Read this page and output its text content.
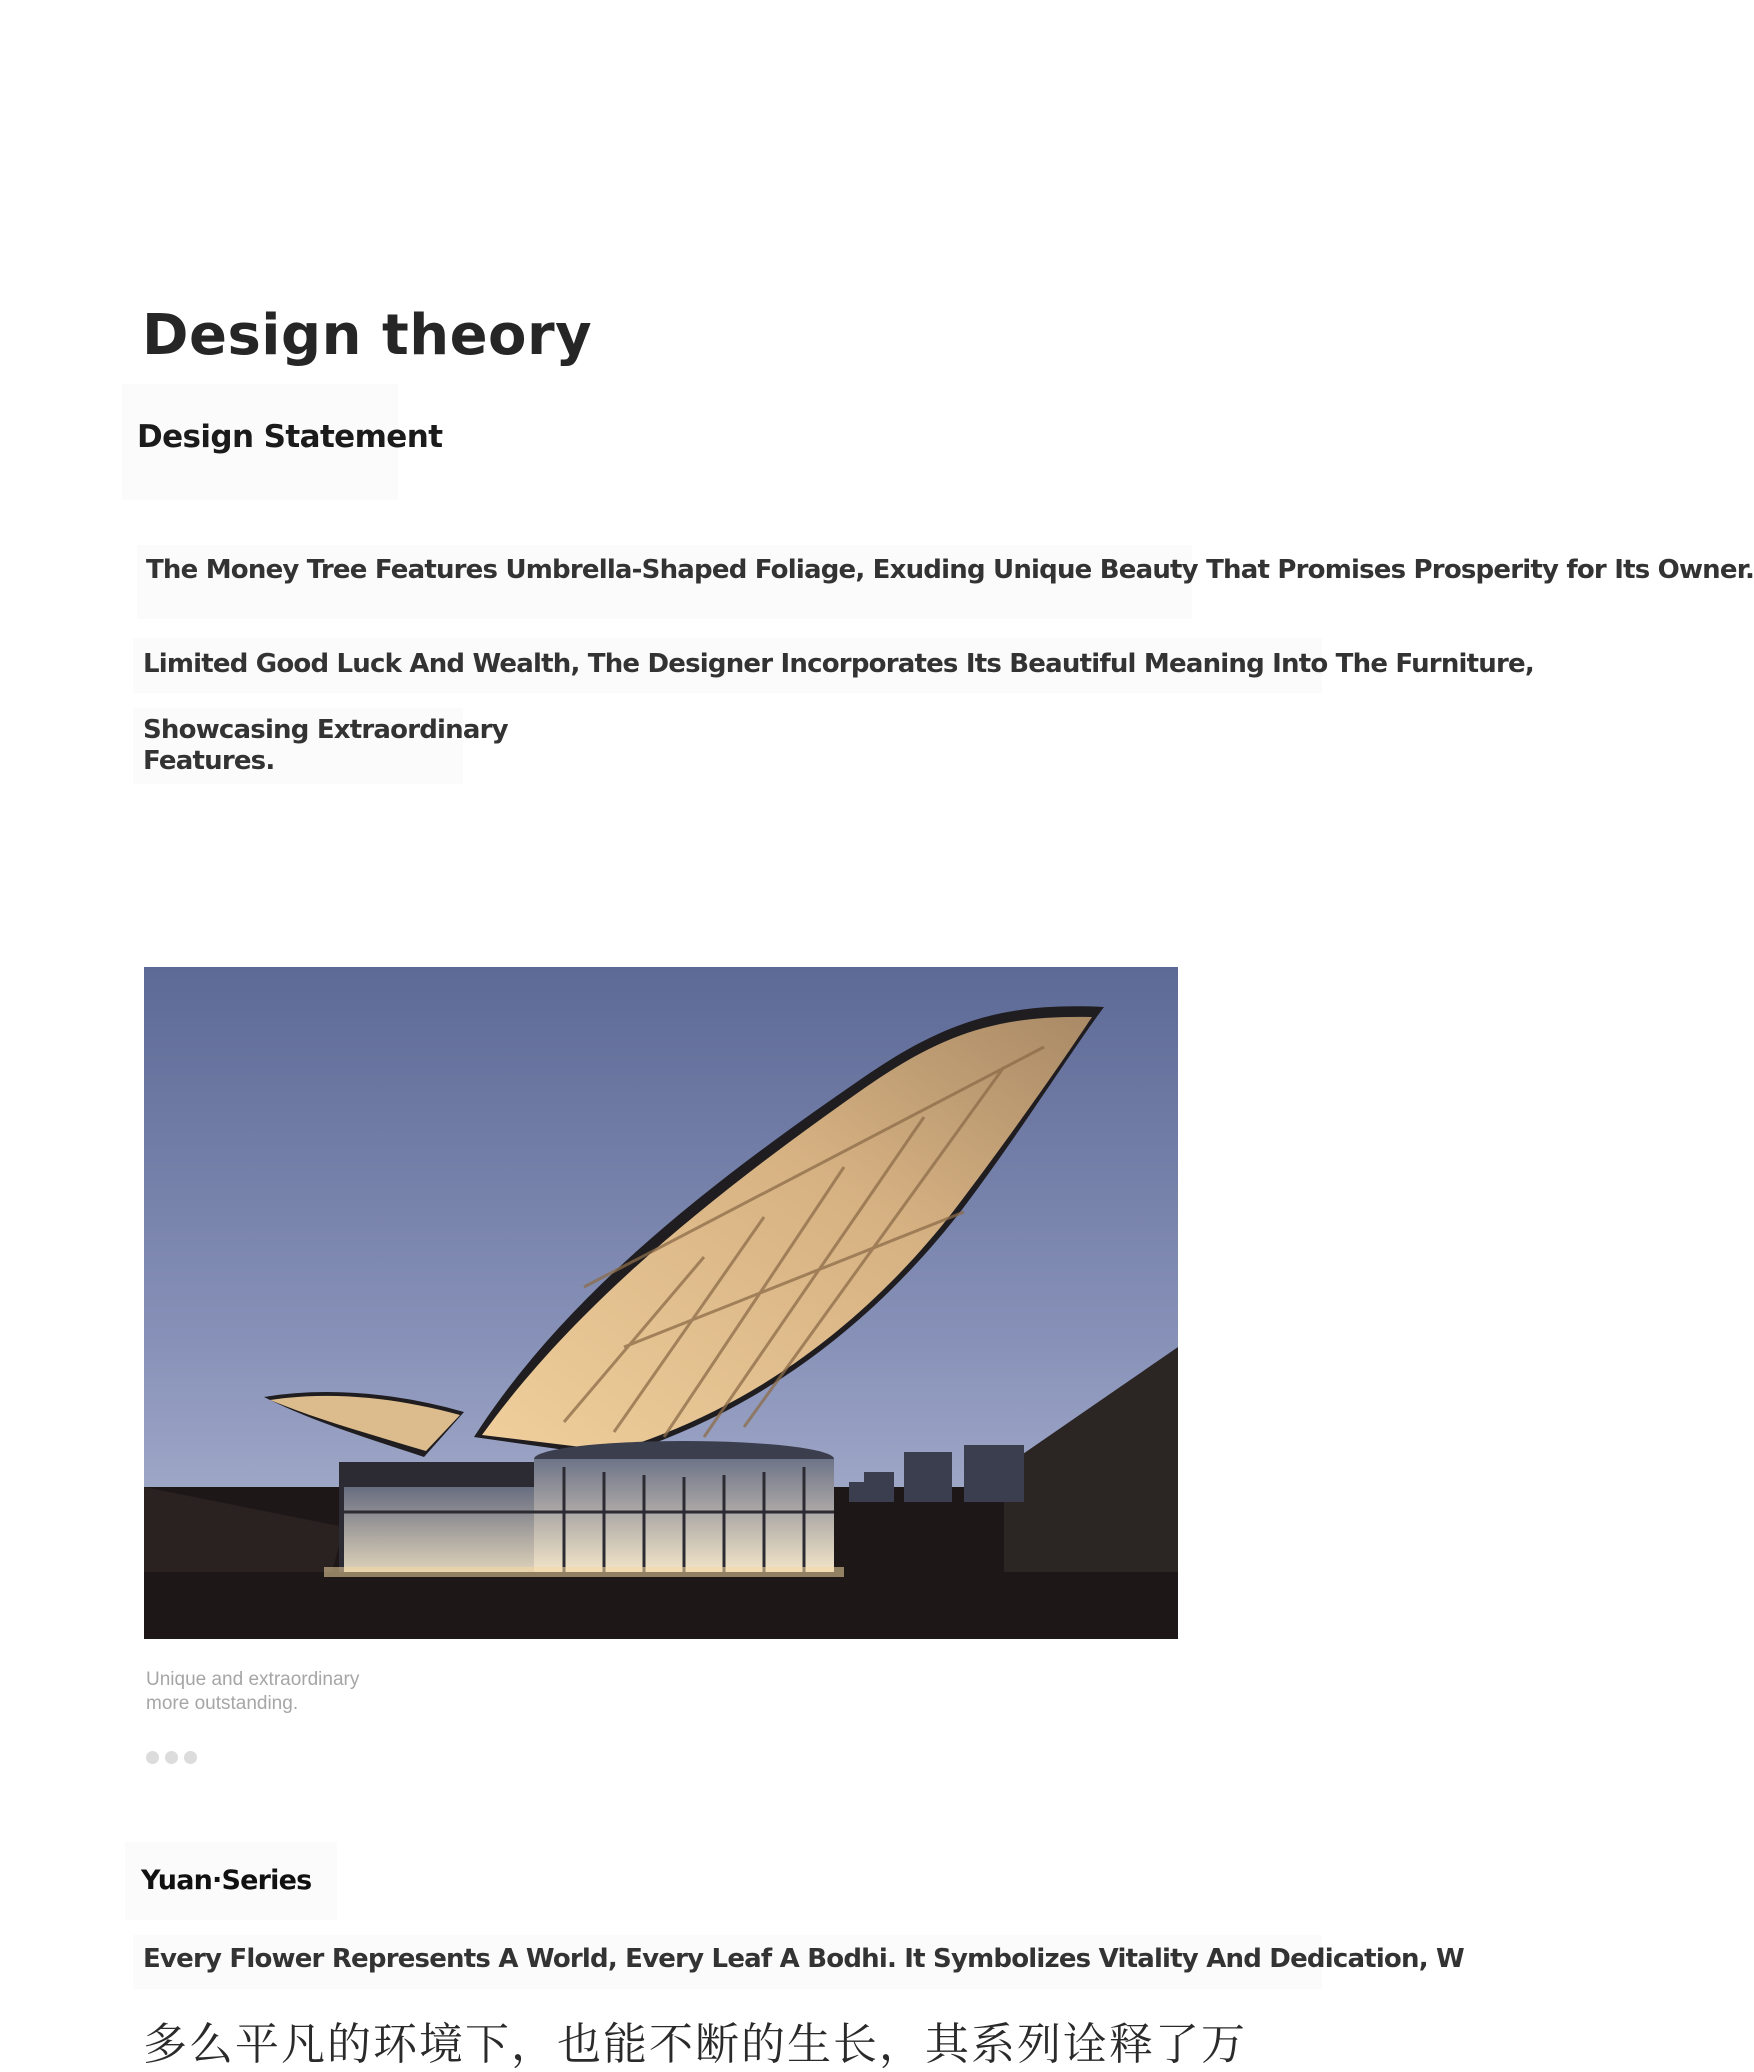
Design theory
Design Statement

The Money Tree Features Umbrella-Shaped Foliage, Exuding Unique Beauty That Promises Prosperity for Its Owner.

Limited Good Luck And Wealth, The Designer Incorporates Its Beautiful Meaning Into The Furniture,

Showcasing Extraordinary Features.

Unique and extraordinary more outstanding.

Yuan·Series

Every Flower Represents A World, Every Leaf A Bodhi. It Symbolizes Vitality And Dedication, W

多么平凡的环境下，也能不断的生长，其系列诠释了万
